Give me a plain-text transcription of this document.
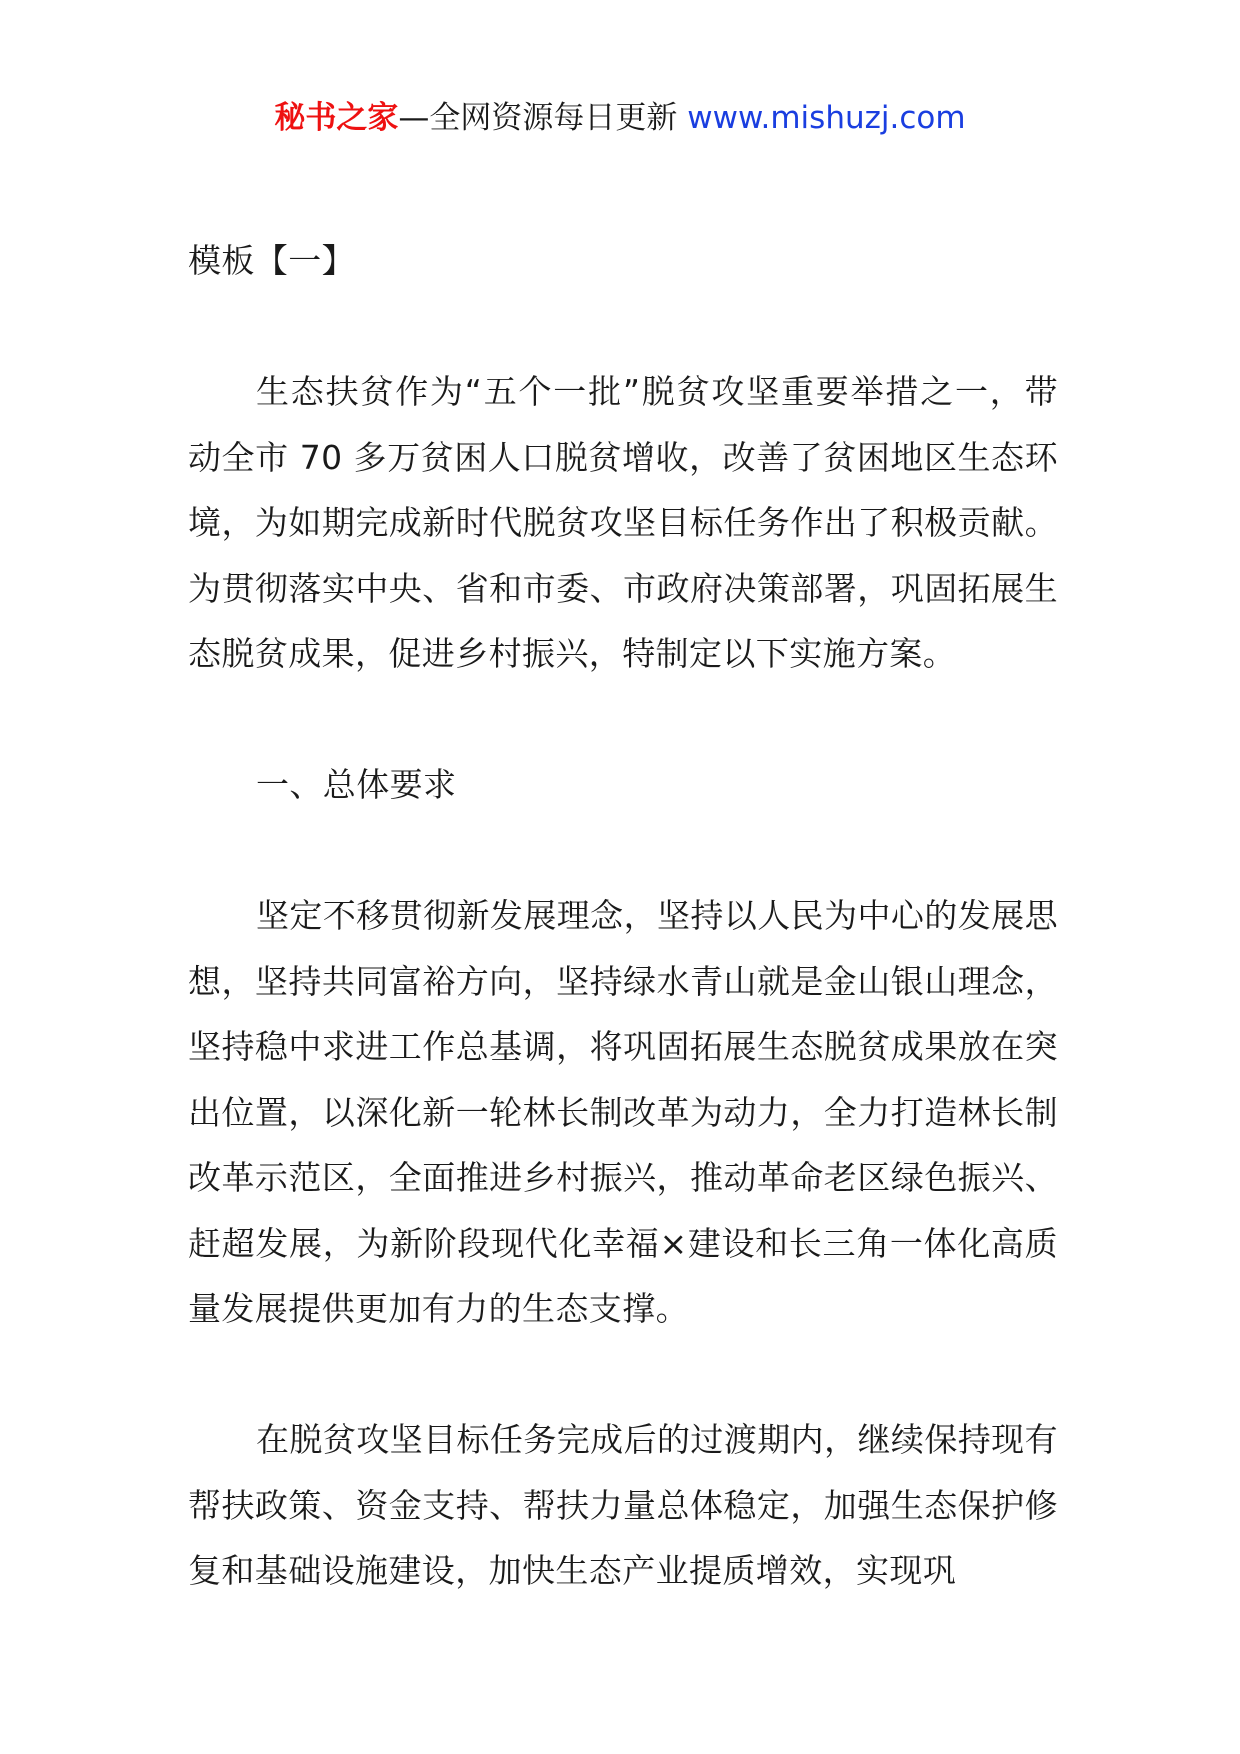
秘书之家—全网资源每日更新 www.mishuzj.com

模板【一】

生态扶贫作为“五个一批”脱贫攻坚重要举措之一，带动全市 70 多万贫困人口脱贫增收，改善了贫困地区生态环境，为如期完成新时代脱贫攻坚目标任务作出了积极贡献。为贯彻落实中央、省和市委、市政府决策部署，巩固拓展生态脱贫成果，促进乡村振兴，特制定以下实施方案。

一、总体要求

坚定不移贯彻新发展理念，坚持以人民为中心的发展思想，坚持共同富裕方向，坚持绿水青山就是金山银山理念，坚持稳中求进工作总基调，将巩固拓展生态脱贫成果放在突出位置，以深化新一轮林长制改革为动力，全力打造林长制改革示范区，全面推进乡村振兴，推动革命老区绿色振兴、赶超发展，为新阶段现代化幸福×建设和长三角一体化高质量发展提供更加有力的生态支撑。

在脱贫攻坚目标任务完成后的过渡期内，继续保持现有帮扶政策、资金支持、帮扶力量总体稳定，加强生态保护修复和基础设施建设，加快生态产业提质增效，实现巩
